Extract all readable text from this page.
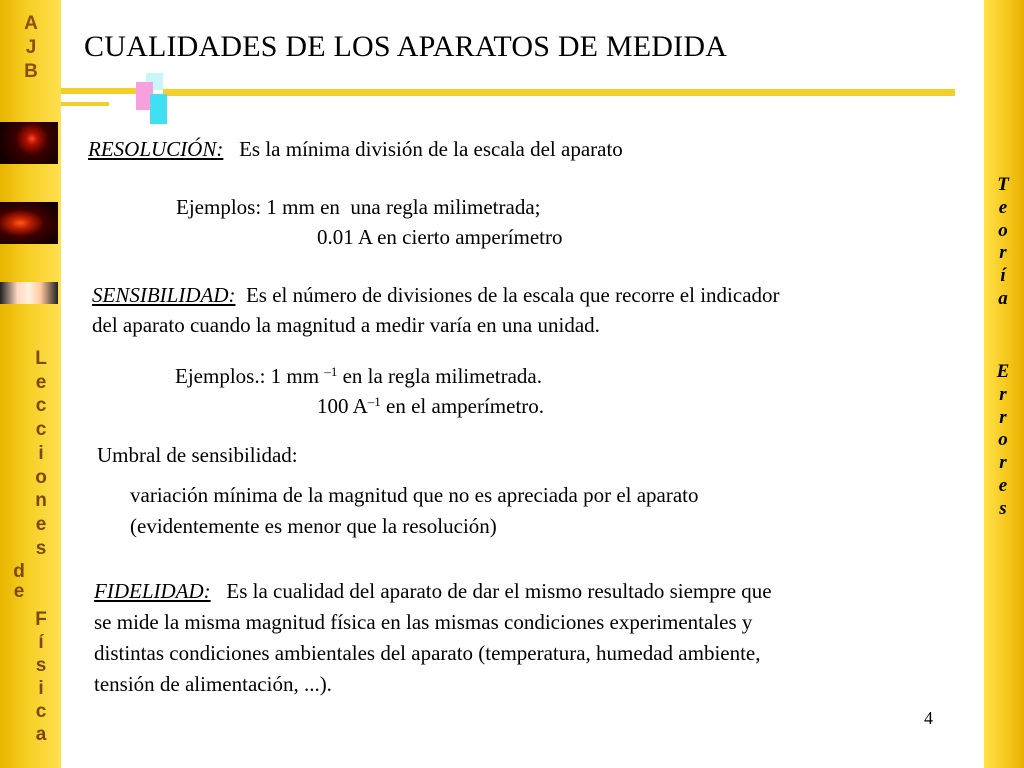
A
J
B
L
e
c
c
i
o
n
e
s
d
e
F
í
s
i
c
a
T
e
o
r
í
a
E
r
r
o
r
e
s
CUALIDADES DE LOS APARATOS DE MEDIDA

RESOLUCIÓN: Es la mínima división de la escala del aparato

Ejemplos: 1 mm en  una regla milimetrada;

0.01 A en cierto amperímetro

SENSIBILIDAD: Es el número de divisiones de la escala que recorre el indicador

del aparato cuando la magnitud a medir varía en una unidad.

Ejemplos.: 1 mm $^{-1}$ en la regla milimetrada.

100 $A^{-1}$ en el amperímetro.

Umbral de sensibilidad:

variación mínima de la magnitud que no es apreciada por el aparato

(evidentemente es menor que la resolución)

FIDELIDAD: Es la cualidad del aparato de dar el mismo resultado siempre que

se mide la misma magnitud física en las mismas condiciones experimentales y

distintas condiciones ambientales del aparato (temperatura, humedad ambiente,

tensión de alimentación, ...).

4
